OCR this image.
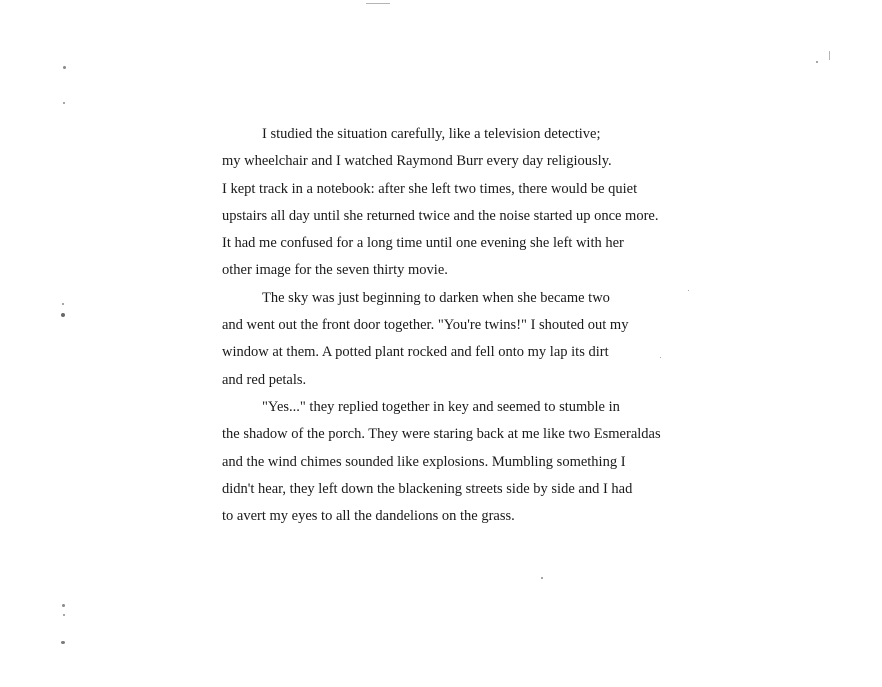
I studied the situation carefully, like a television detective;
my wheelchair and I watched Raymond Burr every day religiously.
I kept track in a notebook: after she left two times, there would be quiet
upstairs all day until she returned twice and the noise started up once more.
It had me confused for a long time until one evening she left with her
other image for the seven thirty movie.
The sky was just beginning to darken when she became two
and went out the front door together. "You're twins!" I shouted out my
window at them. A potted plant rocked and fell onto my lap its dirt
and red petals.
"Yes..." they replied together in key and seemed to stumble in
the shadow of the porch. They were staring back at me like two Esmeraldas
and the wind chimes sounded like explosions. Mumbling something I
didn't hear, they left down the blackening streets side by side and I had
to avert my eyes to all the dandelions on the grass.
